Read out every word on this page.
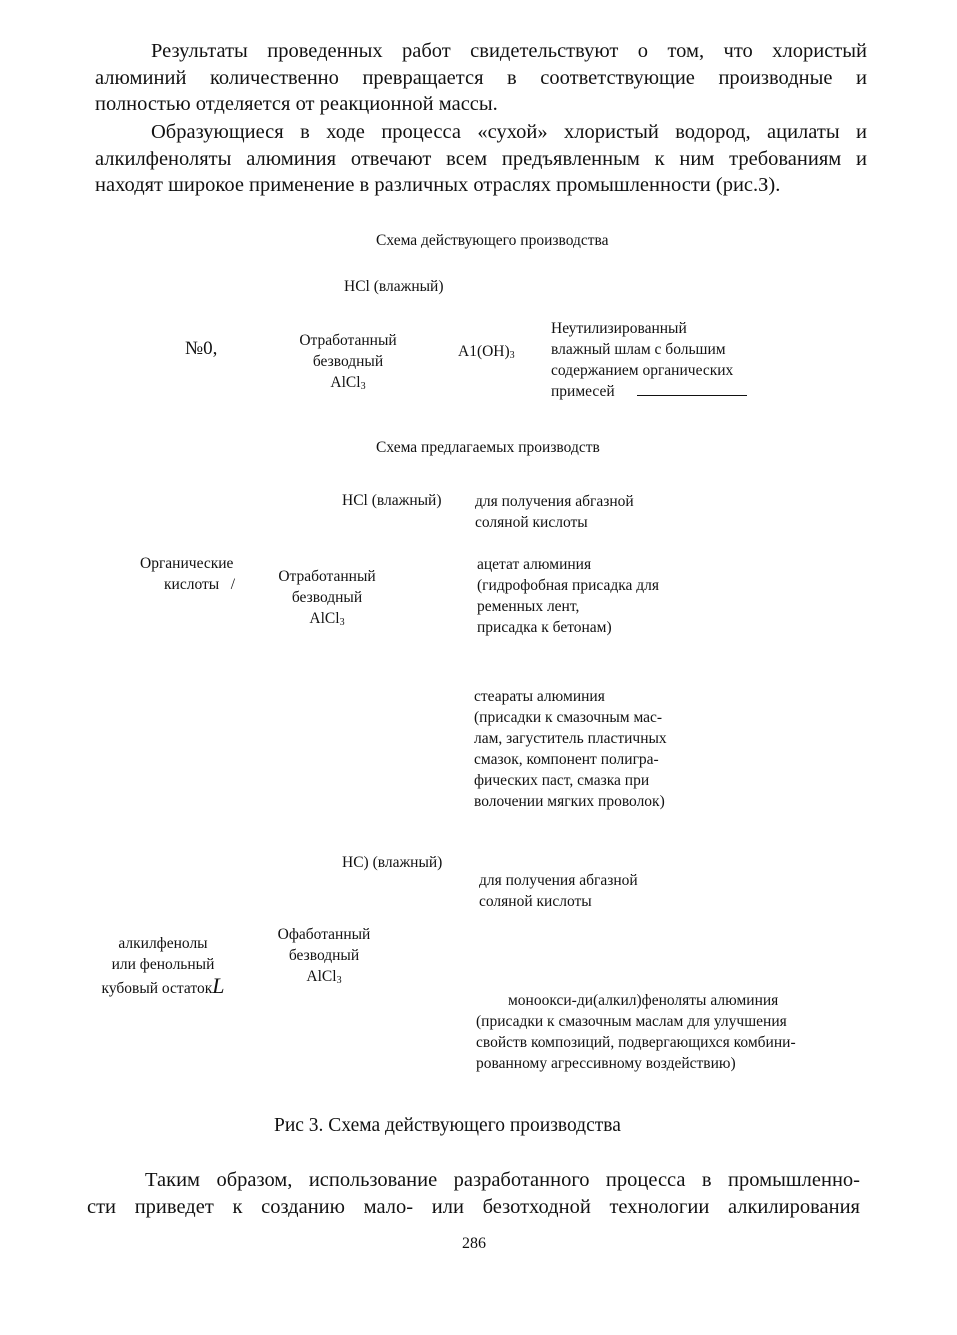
Результаты проведенных работ свидетельствуют о том, что хлористый
алюминий количественно превращается в соответствующие производные и
полностью отделяется от реакционной массы.
Образующиеся в ходе процесса «сухой» хлористый водород, ацилаты и
алкилфеноляты алюминия отвечают всем предъявленным к ним требованиям и
находят широкое применение в различных отраслях промышленности (рис.З).
Схема действующего производства
НСl (влажный)
№0,	Отработанный
безводный
AlCl$_3$
$А1(ОН)_3$
Неутилизированный
влажный шлам с большим
содержанием органических
примесей
Схема предлагаемых производств
НСl (влажный) для получения абгазной
соляной кислоты
Органические
кислоты   /	Отработанный
безводный
AlCl$_3$
ацетат алюминия
(гидрофобная присадка для
ременных лент,
присадка к бетонам)
стеараты алюминия
(присадки к смазочным мас-
лам, загуститель пластичных
смазок, компонент полигра-
фических паст, смазка при
волочении мягких проволок)
НС) (влажный)
для получения абгазной
соляной кислоты
алкилфенолы
или фенольный
кубовый остатокL
Офаботанный
безводный
AlCl$_3$
моноокси-ди(алкил)феноляты алюминия
(присадки к смазочным маслам для улучшения
свойств композиций, подвергающихся комбини-
рованному агрессивному воздействию)
Рис 3. Схема действующего производства
Таким образом, использование разработанного процесса в промышленно-
сти приведет к созданию мало- или безотходной технологии алкилирования
286
